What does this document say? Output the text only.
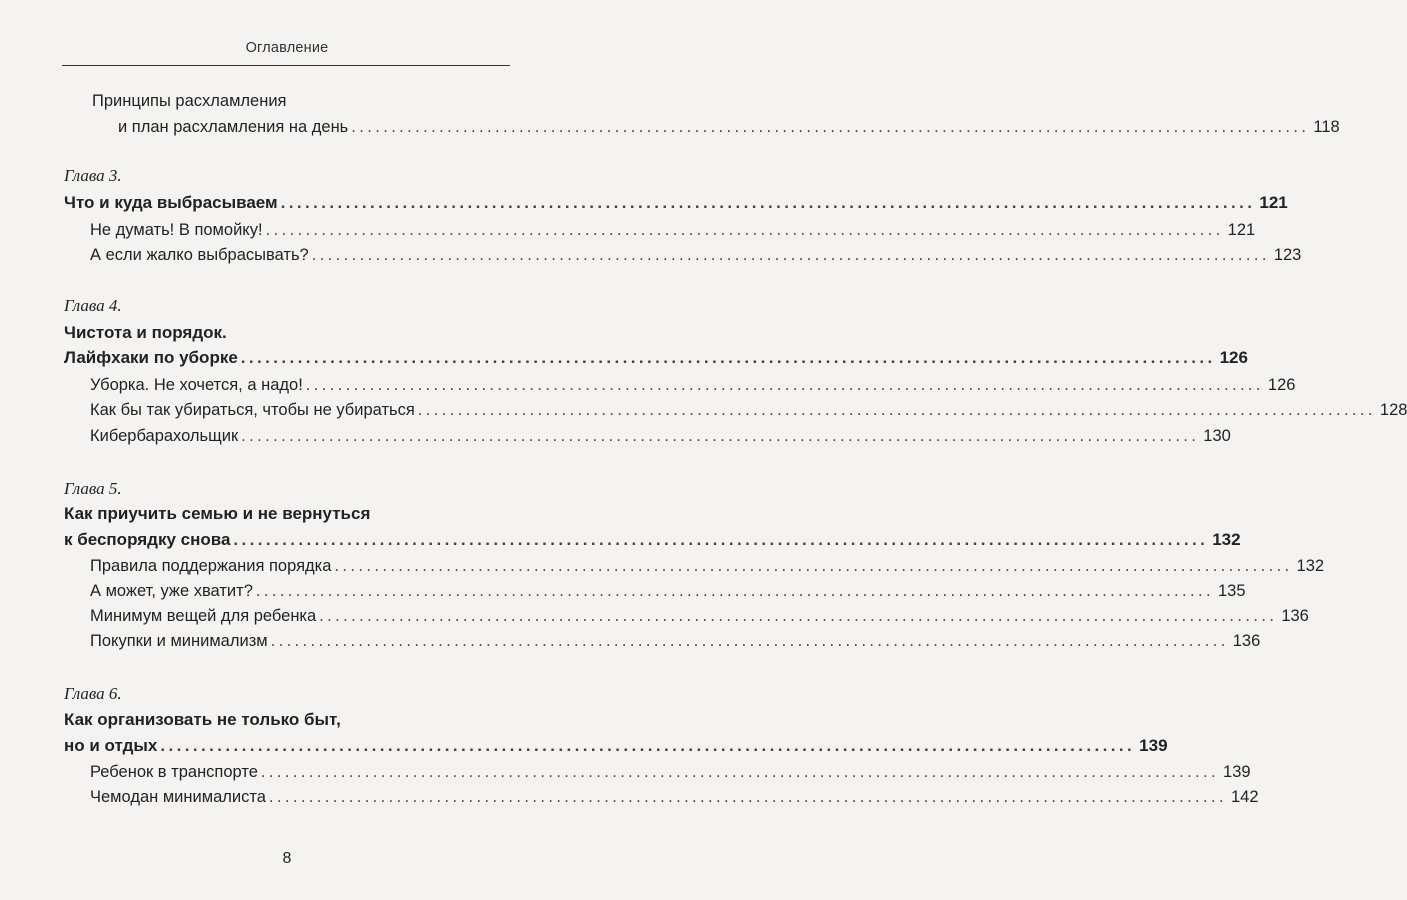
Оглавление
Принципы расхламления
и план расхламления на день ........................................................................................................................ 118
Глава 3.
Что и куда выбрасываем ........................................................................................................................ 121
Не думать! В помойку! ........................................................................................................................ 121
А если жалко выбрасывать? ........................................................................................................................ 123
Глава 4.
Чистота и порядок.
Лайфхаки по уборке ........................................................................................................................ 126
Уборка. Не хочется, а надо! ........................................................................................................................ 126
Как бы так убираться, чтобы не убираться ........................................................................................................................ 128
Кибербарахольщик ........................................................................................................................ 130
Глава 5.
Как приучить семью и не вернуться
к беспорядку снова ........................................................................................................................ 132
Правила поддержания порядка ........................................................................................................................ 132
А может, уже хватит? ........................................................................................................................ 135
Минимум вещей для ребенка ........................................................................................................................ 136
Покупки и минимализм ........................................................................................................................ 136
Глава 6.
Как организовать не только быт,
но и отдых ........................................................................................................................ 139
Ребенок в транспорте ........................................................................................................................ 139
Чемодан минималиста ........................................................................................................................ 142
8
